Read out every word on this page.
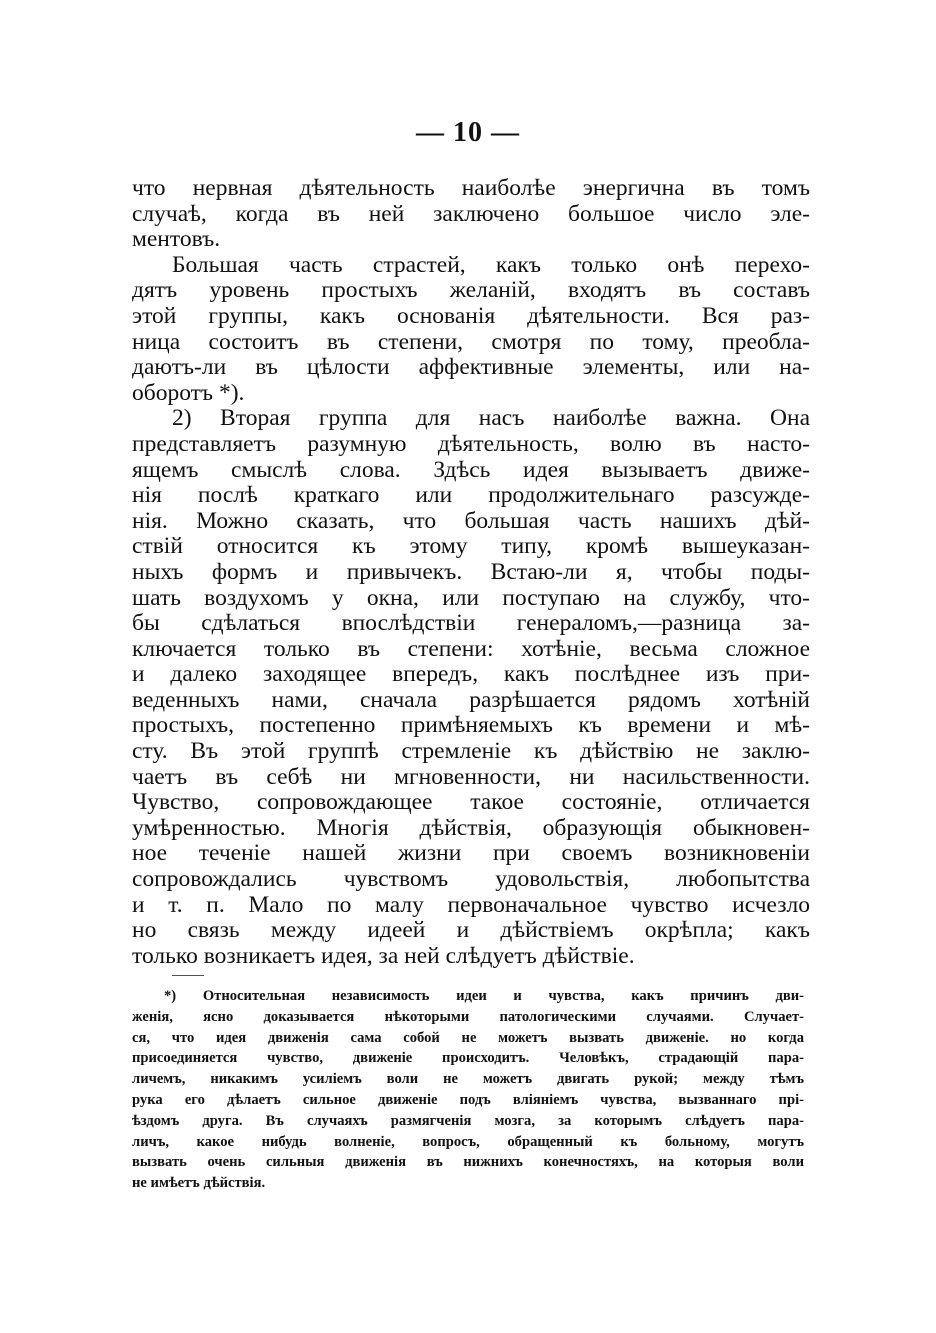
— 10 —
что нервная дѣятельность наиболѣе энергична въ томъ
случаѣ, когда въ ней заключено большое число эле-
ментовъ.
Большая часть страстей, какъ только онѣ перехо-
дятъ уровень простыхъ желаній, входятъ въ составъ
этой группы, какъ основанія дѣятельности. Вся раз-
ница состоитъ въ степени, смотря по тому, преобла-
даютъ-ли въ цѣлости аффективные элементы, или на-
оборотъ *).
2) Вторая группа для насъ наиболѣе важна. Она
представляетъ разумную дѣятельность, волю въ насто-
ящемъ смыслѣ слова. Здѣсь идея вызываетъ движе-
нія послѣ краткаго или продолжительнаго разсужде-
нія. Можно сказать, что большая часть нашихъ дѣй-
ствій относится къ этому типу, кромѣ вышеуказан-
ныхъ формъ и привычекъ. Встаю-ли я, чтобы поды-
шать воздухомъ у окна, или поступаю на службу, что-
бы сдѣлаться впослѣдствіи генераломъ,—разница за-
ключается только въ степени: хотѣніе, весьма сложное
и далеко заходящее впередъ, какъ послѣднее изъ при-
веденныхъ нами, сначала разрѣшается рядомъ хотѣній
простыхъ, постепенно примѣняемыхъ къ времени и мѣ-
сту. Въ этой группѣ стремленіе къ дѣйствію не заклю-
чаетъ въ себѣ ни мгновенности, ни насильственности.
Чувство, сопровождающее такое состояніе, отличается
умѣренностью. Многія дѣйствія, образующія обыкновен-
ное теченіе нашей жизни при своемъ возникновеніи
сопровождались чувствомъ удовольствія, любопытства
и т. п. Мало по малу первоначальное чувство исчезло
но связь между идеей и дѣйствіемъ окрѣпла; какъ
только возникаетъ идея, за ней слѣдуетъ дѣйствіе.
*) Относительная независимость идеи и чувства, какъ причинъ дви-
женія, ясно доказывается нѣкоторыми патологическими случаями. Случает-
ся, что идея движенія сама собой не можетъ вызвать движеніе. но когда
присоединяется чувство, движеніе происходитъ. Человѣкъ, страдающій пара-
личемъ, никакимъ усиліемъ воли не можетъ двигать рукой; между тѣмъ
рука его дѣлаетъ сильное движеніе подъ вліяніемъ чувства, вызваннаго прі-
ѣздомъ друга. Въ случаяхъ размягченія мозга, за которымъ слѣдуетъ пара-
личъ, какое нибудь волненіе, вопросъ, обращенный къ больному, могутъ
вызвать очень сильныя движенія въ нижнихъ конечностяхъ, на которыя воли
не имѣетъ дѣйствія.
